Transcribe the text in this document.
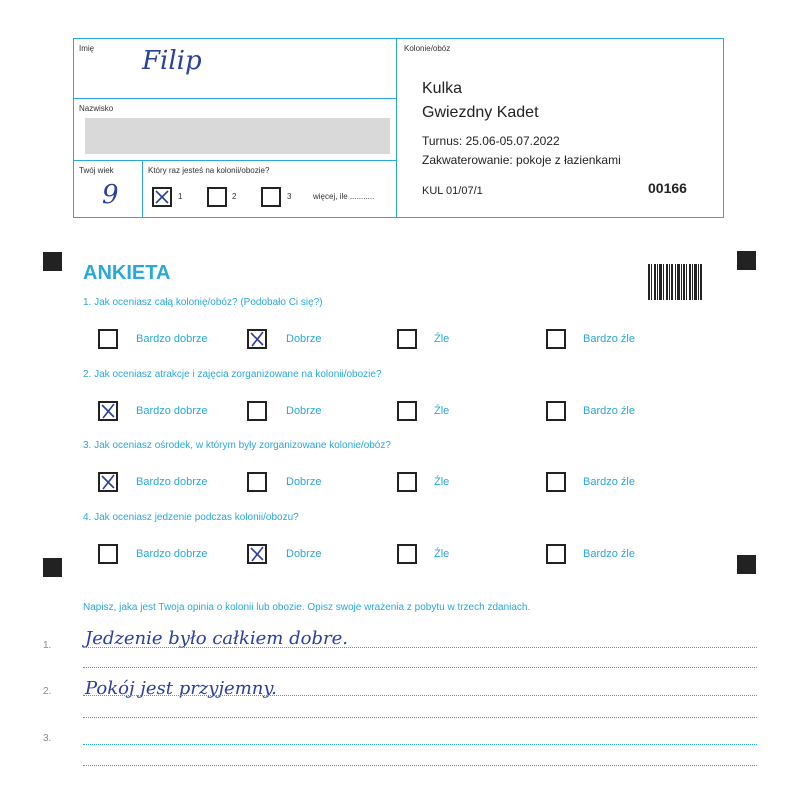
Imię Filip
Nazwisko
Twój wiek
9
Który raz jesteś na kolonii/obozie?
1	2	3	więcej, ile ...........
Kolonie/obóz
Kulka
Gwiezdny Kadet
Turnus: 25.06-05.07.2022
Zakwaterowanie: pokoje z łazienkami
KUL 01/07/1	00166
ANKIETA
1. Jak oceniasz całą kolonię/obóz? (Podobało Ci się?)
Bardzo dobrze	Dobrze	Źle	Bardzo źle
2. Jak oceniasz atrakcje i zajęcia zorganizowane na kolonii/obozie?
Bardzo dobrze	Dobrze	Źle	Bardzo źle
3. Jak oceniasz ośrodek, w którym były zorganizowane kolonie/obóz?
Bardzo dobrze	Dobrze	Źle	Bardzo źle
4. Jak oceniasz jedzenie podczas kolonii/obozu?
Bardzo dobrze	Dobrze	Źle	Bardzo źle
Napisz, jaka jest Twoja opinia o kolonii lub obozie. Opisz swoje wrażenia z pobytu w trzech zdaniach.
1. Jedzenie było całkiem dobre.
2. Pokój jest przyjemny.
3.
